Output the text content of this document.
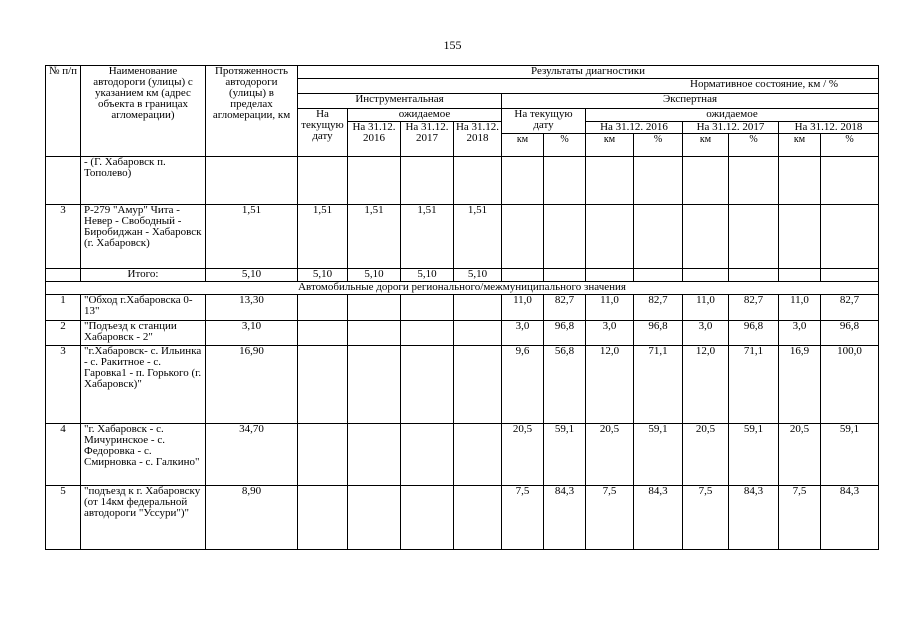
155
№ п/п	Наименование автодороги (улицы) с указанием км (адрес объекта в границах агломерации)	Протяженность автодороги (улицы) в пределах агломерации, км	Результаты диагностики											
			Нормативное состояние, км / %											
			Инструментальная				Экспертная							
			На текущую дату	ожидаемое			На текущую дату		ожидаемое					
				На 31.12. 2016	На 31.12. 2017	На 31.12. 2018			На 31.12. 2016		На 31.12. 2017		На 31.12. 2018	
							км	%	км	%	км	%	км	%
	- (Г. Хабаровск п. Тополево)													
3	Р-279 "Амур" Чита - Невер - Свободный - Биробиджан - Хабаровск (г. Хабаровск)	1,51	1,51	1,51	1,51	1,51								
	Итого:	5,10	5,10	5,10	5,10	5,10								
Автомобильные дороги регионального/межмуниципального значения														
1	"Обход г.Хабаровска 0-13"	13,30					11,0	82,7	11,0	82,7	11,0	82,7	11,0	82,7
2	"Подъезд к станции Хабаровск - 2"	3,10					3,0	96,8	3,0	96,8	3,0	96,8	3,0	96,8
3	"г.Хабаровск- с. Ильинка - с. Ракитное - с. Гаровка1 - п. Горького (г. Хабаровск)"	16,90					9,6	56,8	12,0	71,1	12,0	71,1	16,9	100,0
4	"г. Хабаровск - с. Мичуринское - с. Федоровка - с. Смирновка - с. Галкино"	34,70					20,5	59,1	20,5	59,1	20,5	59,1	20,5	59,1
5	"подъезд к г. Хабаровску (от 14км федеральной автодороги "Уссури")"	8,90					7,5	84,3	7,5	84,3	7,5	84,3	7,5	84,3
